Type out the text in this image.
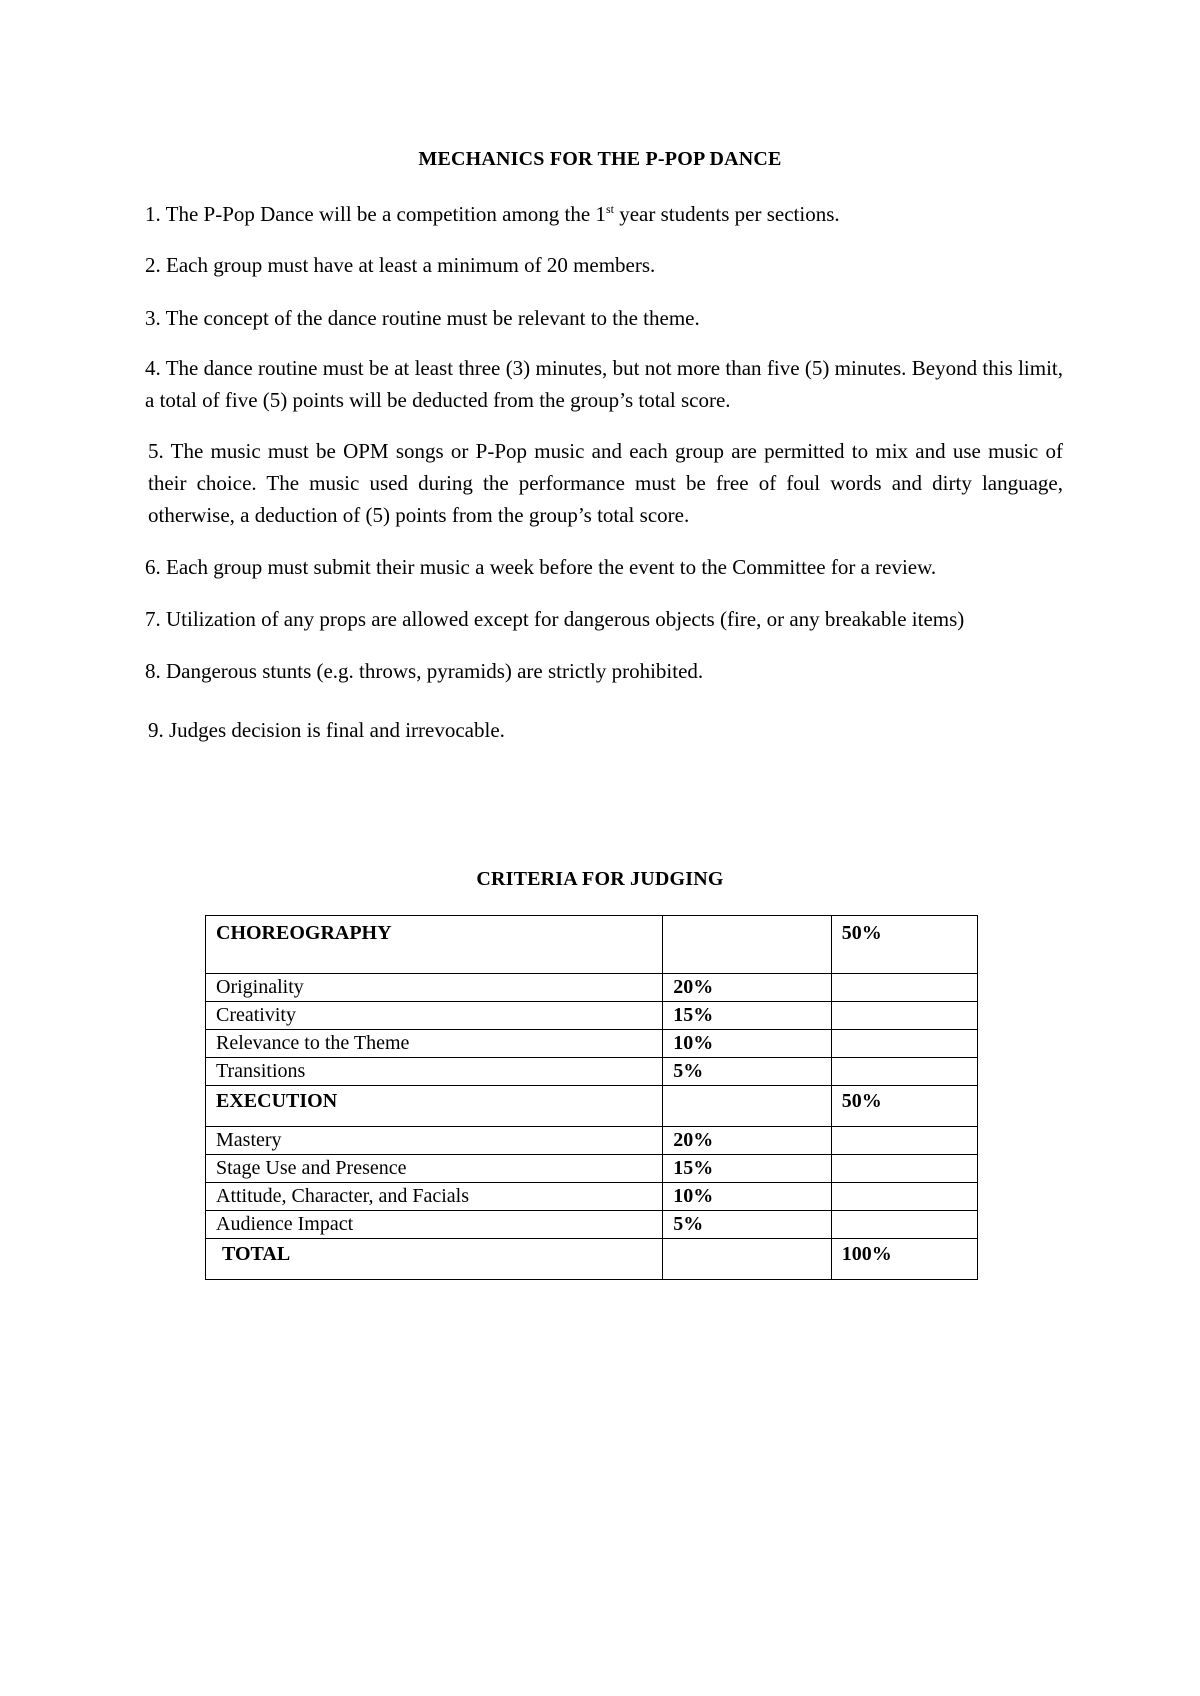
MECHANICS FOR THE P-POP DANCE

1. The P-Pop Dance will be a competition among the 1st year students per sections.

2. Each group must have at least a minimum of 20 members.

3. The concept of the dance routine must be relevant to the theme.

4. The dance routine must be at least three (3) minutes, but not more than five (5) minutes. Beyond this limit, a total of five (5) points will be deducted from the group’s total score.

5. The music must be OPM songs or P-Pop music and each group are permitted to mix and use music of their choice. The music used during the performance must be free of foul words and dirty language, otherwise, a deduction of (5) points from the group’s total score.

6. Each group must submit their music a week before the event to the Committee for a review.

7. Utilization of any props are allowed except for dangerous objects (fire, or any breakable items)

8. Dangerous stunts (e.g. throws, pyramids) are strictly prohibited.

9. Judges decision is final and irrevocable.

CRITERIA FOR JUDGING
CHOREOGRAPHY		50%
Originality	20%	
Creativity	15%	
Relevance to the Theme	10%	
Transitions	5%	
EXECUTION		50%
Mastery	20%	
Stage Use and Presence	15%	
Attitude, Character, and Facials	10%	
Audience Impact	5%	
TOTAL		100%
